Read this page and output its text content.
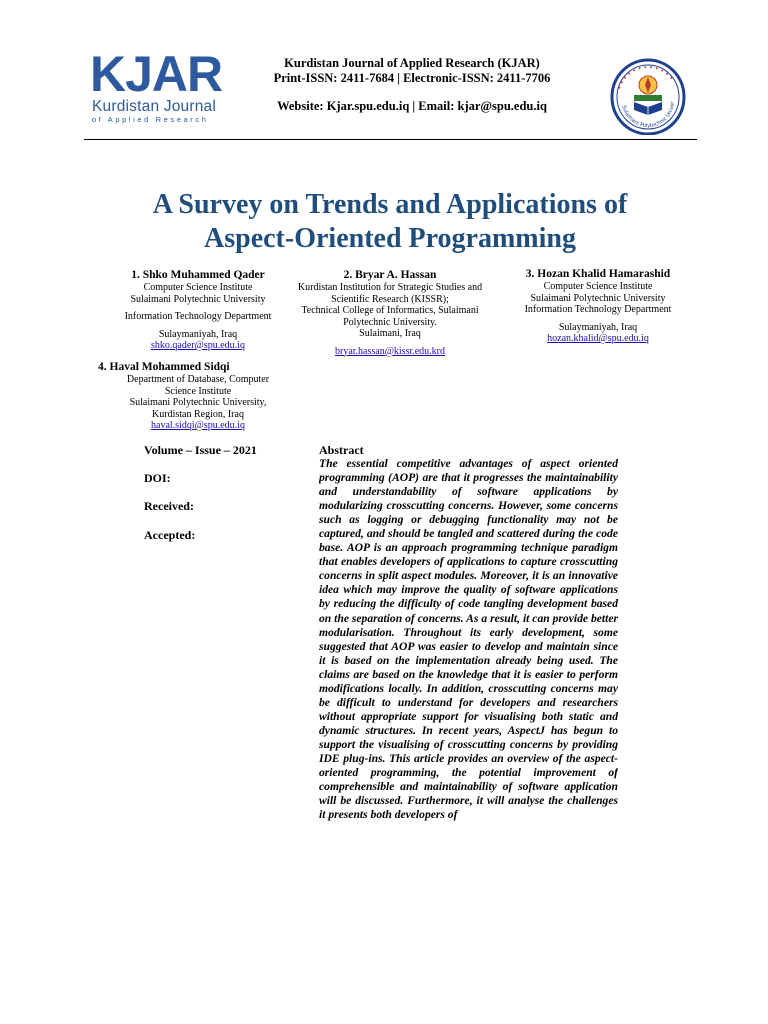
KJAR
Kurdistan Journal
of Applied Research
Kurdistan Journal of Applied Research (KJAR)
Print-ISSN: 2411-7684 | Electronic-ISSN: 2411-7706
Website: Kjar.spu.edu.iq | Email: kjar@spu.edu.iq
• • • • • • • • • • • •
Sulaimani Polytechnic Univer
A Survey on Trends and Applications of
Aspect-Oriented Programming
1. Shko Muhammed Qader
Computer Science Institute
Sulaimani Polytechnic University
Information Technology Department
Sulaymaniyah, Iraq
shko.qader@spu.edu.iq
2. Bryar A. Hassan
Kurdistan Institution for Strategic Studies and
Scientific Research (KISSR);
Technical College of Informatics, Sulaimani
Polytechnic University.
Sulaimani, Iraq
bryar.hassan@kissr.edu.krd
3. Hozan Khalid Hamarashid
Computer Science Institute
Sulaimani Polytechnic University
Information Technology Department
Sulaymaniyah, Iraq
hozan.khalid@spu.edu.iq
4. Haval Mohammed Sidqi
Department of Database, Computer
Science Institute
Sulaimani Polytechnic University,
Kurdistan Region, Iraq
haval.sidqi@spu.edu.iq
Volume – Issue – 2021
DOI:
Received:
Accepted:
Abstract
The essential competitive advantages of aspect oriented programming (AOP) are that it progresses the maintainability and understandability of software applications by modularizing crosscutting concerns. However, some concerns such as logging or debugging functionality may not be captured, and should be tangled and scattered during the code base. AOP is an approach programming technique paradigm that enables developers of applications to capture crosscutting concerns in split aspect modules. Moreover, it is an innovative idea which may improve the quality of software applications by reducing the difficulty of code tangling development based on the separation of concerns. As a result, it can provide better modularisation. Throughout its early development, some suggested that AOP was easier to develop and maintain since it is based on the implementation already being used. The claims are based on the knowledge that it is easier to perform modifications locally. In addition, crosscutting concerns may be difficult to understand for developers and researchers without appropriate support for visualising both static and dynamic structures. In recent years, AspectJ has begun to support the visualising of crosscutting concerns by providing IDE plug-ins. This article provides an overview of the aspect-oriented programming, the potential improvement of comprehensible and maintainability of software application will be discussed. Furthermore, it will analyse the challenges it presents both developers of
